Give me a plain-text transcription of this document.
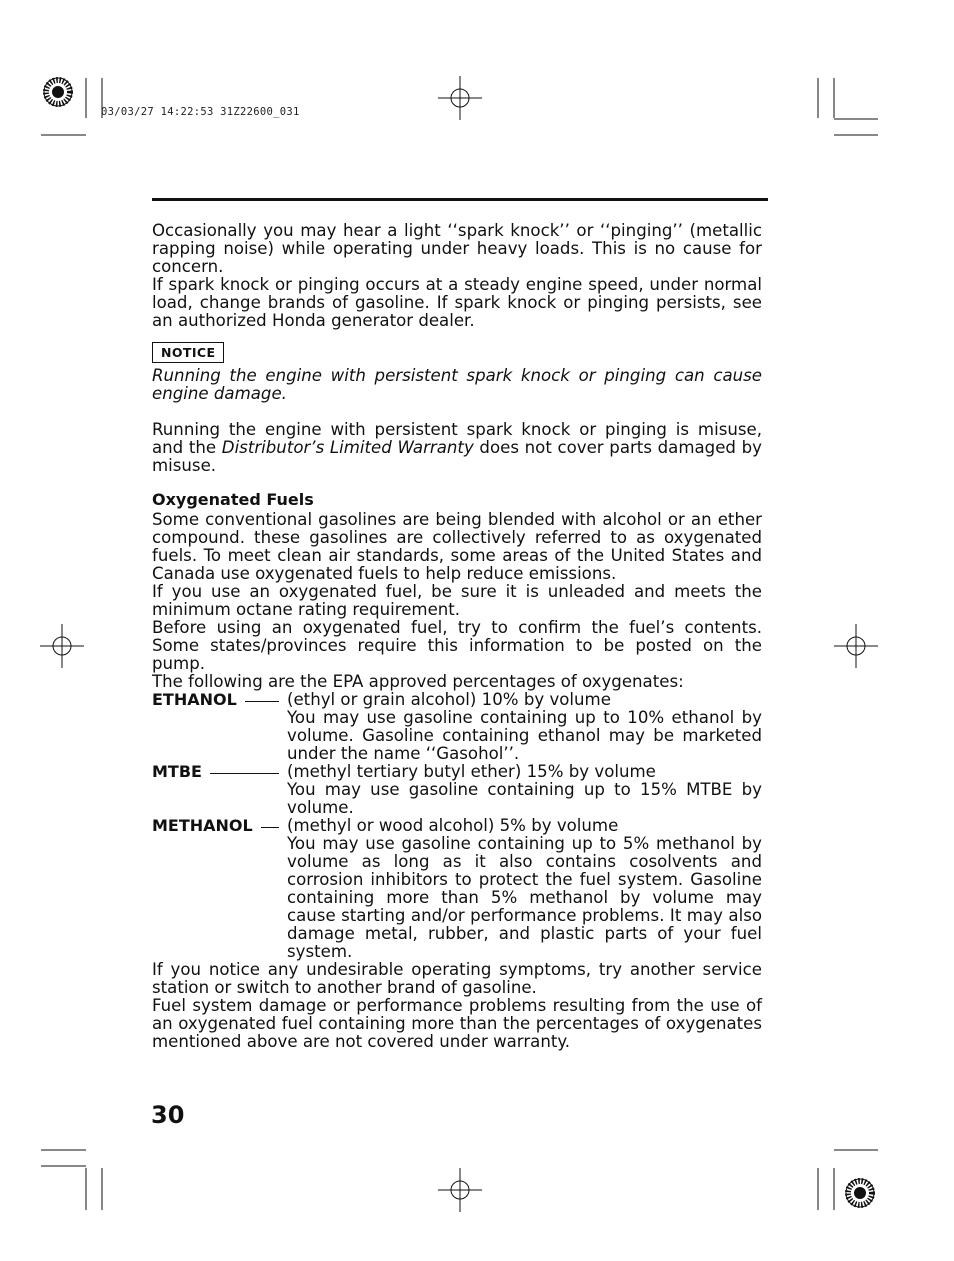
03/03/27 14:22:53 31Z22600_031

Occasionally you may hear a light ‘‘spark knock’’ or ‘‘pinging’’ (metallic rapping noise) while operating under heavy loads. This is no cause for concern.

If spark knock or pinging occurs at a steady engine speed, under normal load, change brands of gasoline. If spark knock or pinging persists, see an authorized Honda generator dealer.

NOTICE

Running the engine with persistent spark knock or pinging can cause engine damage.

Running the engine with persistent spark knock or pinging is misuse, and the Distributor’s Limited Warranty does not cover parts damaged by misuse.

Oxygenated Fuels

Some conventional gasolines are being blended with alcohol or an ether compound. these gasolines are collectively referred to as oxygenated fuels. To meet clean air standards, some areas of the United States and Canada use oxygenated fuels to help reduce emissions.

If you use an oxygenated fuel, be sure it is unleaded and meets the minimum octane rating requirement.

Before using an oxygenated fuel, try to confirm the fuel’s contents. Some states/provinces require this information to be posted on the pump.

The following are the EPA approved percentages of oxygenates:

ETHANOL	(ethyl or grain alcohol) 10% by volume

You may use gasoline containing up to 10% ethanol by volume. Gasoline containing ethanol may be marketed under the name ‘‘Gasohol’’.

MTBE	(methyl tertiary butyl ether) 15% by volume

You may use gasoline containing up to 15% MTBE by volume.

METHANOL (methyl or wood alcohol) 5% by volume

You may use gasoline containing up to 5% methanol by volume as long as it also contains cosolvents and corrosion inhibitors to protect the fuel system. Gasoline containing more than 5% methanol by volume may cause starting and/or performance problems. It may also damage metal, rubber, and plastic parts of your fuel system.

If you notice any undesirable operating symptoms, try another service station or switch to another brand of gasoline.

Fuel system damage or performance problems resulting from the use of an oxygenated fuel containing more than the percentages of oxygenates mentioned above are not covered under warranty.

30
